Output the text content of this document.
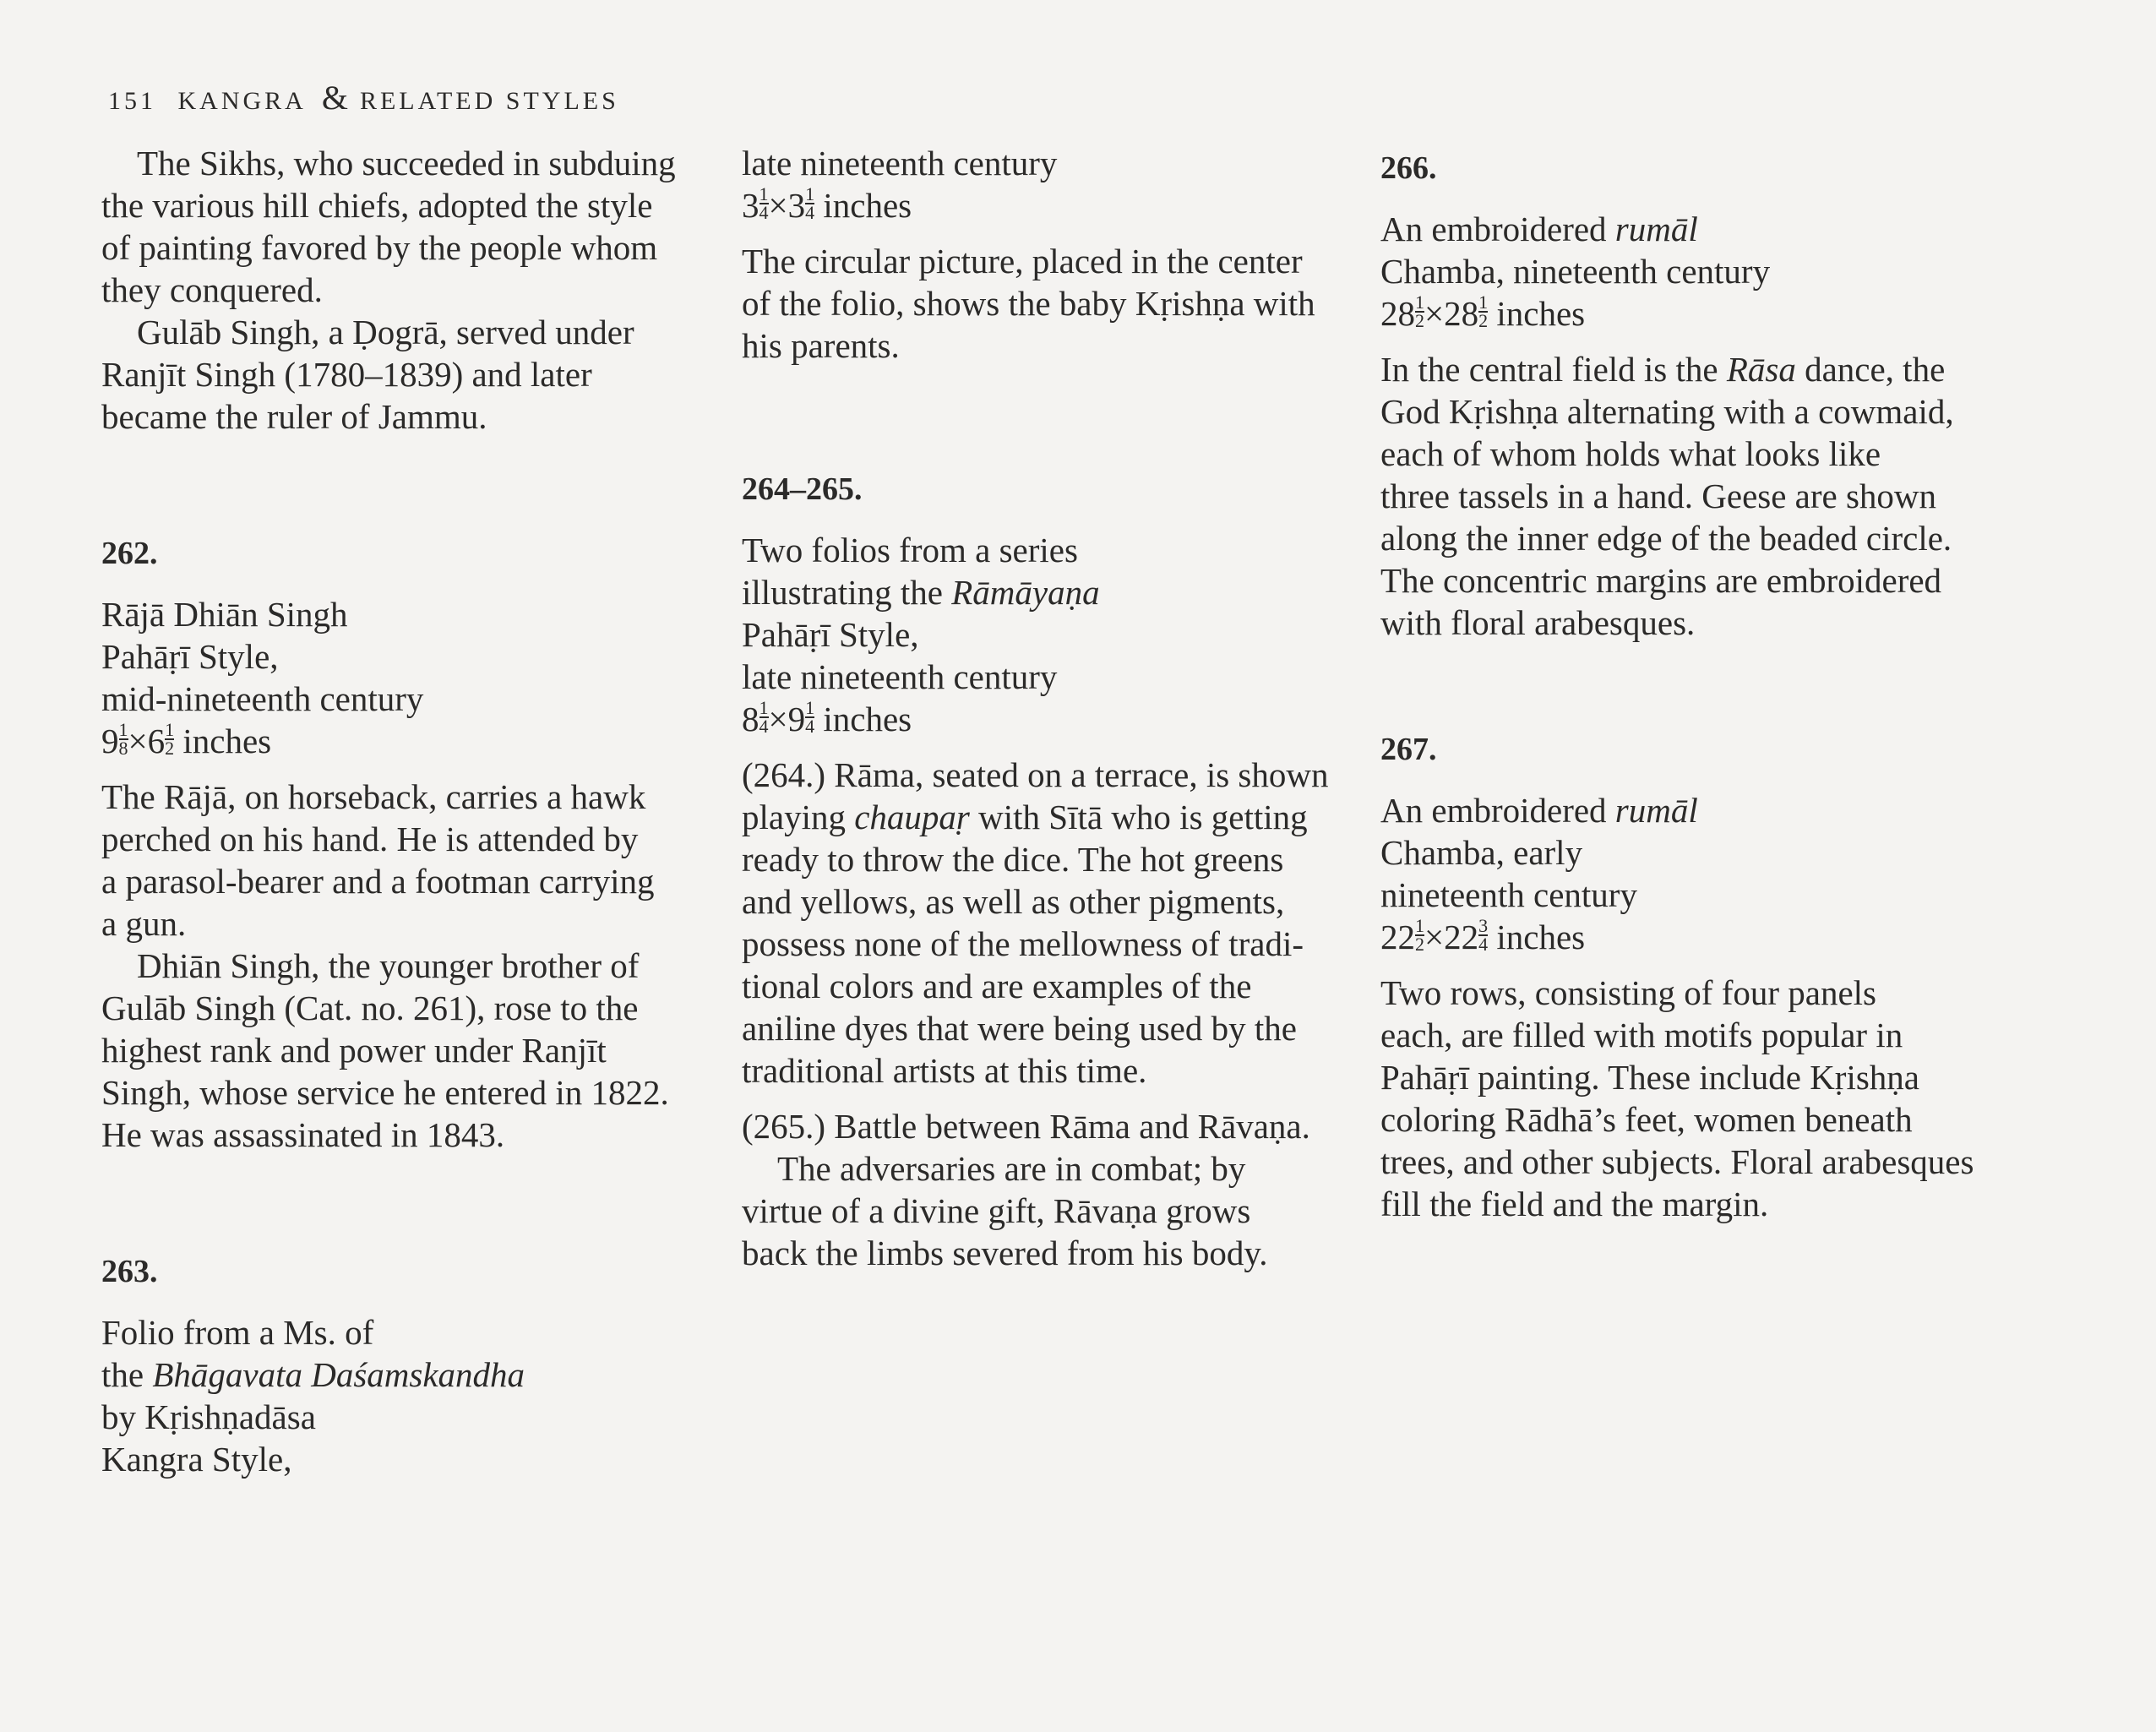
151 KANGRA & RELATED STYLES

The Sikhs, who succeeded in subduing
the various hill chiefs, adopted the style
of painting favored by the people whom
they conquered.

Gulāb Singh, a Ḍogrā, served under
Ranjīt Singh (1780–1839) and later
became the ruler of Jammu.

262.

Rājā Dhiān Singh
Pahāṛī Style,
mid-nineteenth century
$9 \frac{1}{8} \times 6 \frac{1}{2}$ inches

The Rājā, on horseback, carries a hawk
perched on his hand. He is attended by
a parasol-bearer and a footman carrying
a gun.

Dhiān Singh, the younger brother of
Gulāb Singh (Cat. no. 261), rose to the
highest rank and power under Ranjīt
Singh, whose service he entered in 1822.
He was assassinated in 1843.

263.

Folio from a Ms. of
the Bhāgavata Daśamskandha
by Kṛishṇadāsa
Kangra Style,

late nineteenth century
$3 \frac{1}{4} \times 3 \frac{1}{4}$ inches

The circular picture, placed in the center
of the folio, shows the baby Kṛishṇa with
his parents.

264–265.

Two folios from a series
illustrating the Rāmāyaṇa
Pahāṛī Style,
late nineteenth century
$8 \frac{1}{4} \times 9 \frac{1}{4}$ inches

(264.) Rāma, seated on a terrace, is shown
playing chaupaṛ with Sītā who is getting
ready to throw the dice. The hot greens
and yellows, as well as other pigments,
possess none of the mellowness of tradi-
tional colors and are examples of the
aniline dyes that were being used by the
traditional artists at this time.

(265.) Battle between Rāma and Rāvaṇa.

The adversaries are in combat; by
virtue of a divine gift, Rāvaṇa grows
back the limbs severed from his body.

266.

An embroidered rumāl
Chamba, nineteenth century
$28 \frac{1}{2} \times 28 \frac{1}{2}$ inches

In the central field is the Rāsa dance, the
God Kṛishṇa alternating with a cowmaid,
each of whom holds what looks like
three tassels in a hand. Geese are shown
along the inner edge of the beaded circle.
The concentric margins are embroidered
with floral arabesques.

267.

An embroidered rumāl
Chamba, early
nineteenth century
$22 \frac{1}{2} \times 22 \frac{3}{4}$ inches

Two rows, consisting of four panels
each, are filled with motifs popular in
Pahāṛī painting. These include Kṛishṇa
coloring Rādhā’s feet, women beneath
trees, and other subjects. Floral arabesques
fill the field and the margin.
